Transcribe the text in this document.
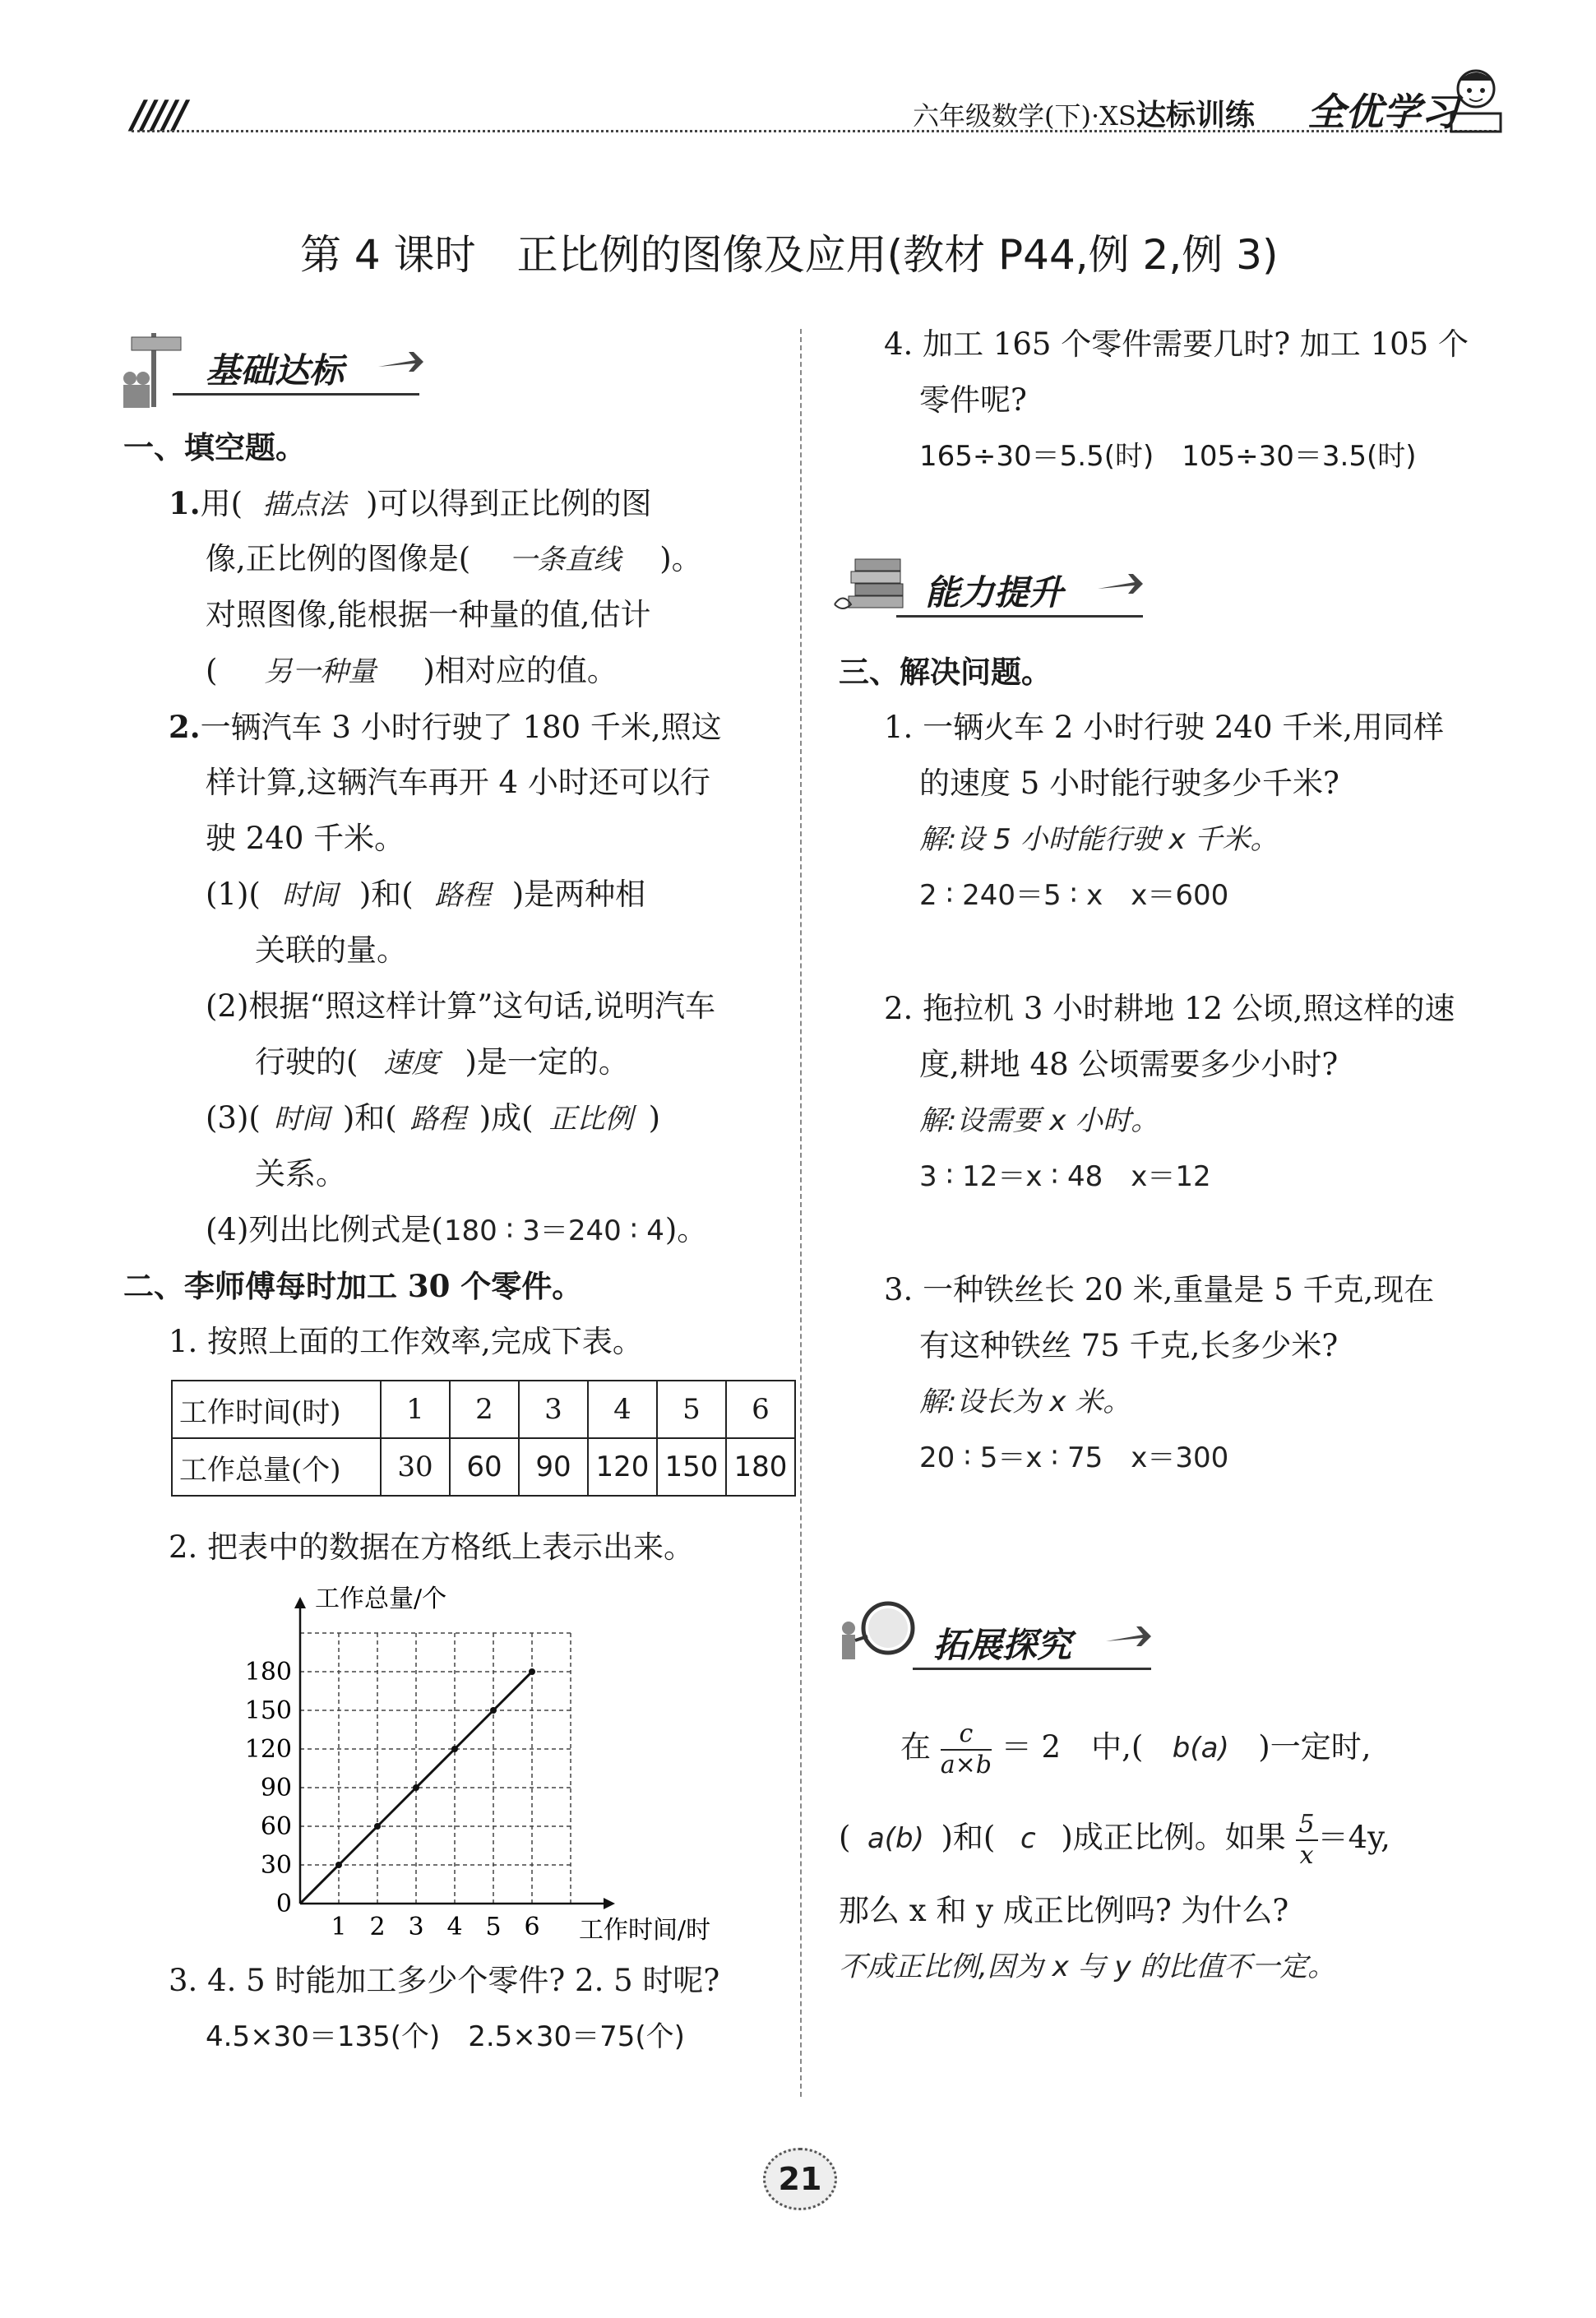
/////	六年级数学(下)·XS达标训练 全优学习
第 4 课时　正比例的图像及应用(教材 P44,例 2,例 3)
基础达标
一、填空题。
1.用( 描点法 )可以得到正比例的图
像,正比例的图像是( 一条直线 )。
对照图像,能根据一种量的值,估计
( 另一种量 )相对应的值。
2.一辆汽车 3 小时行驶了 180 千米,照这
样计算,这辆汽车再开 4 小时还可以行
驶 240 千米。
(1)( 时间 )和( 路程 )是两种相
关联的量。
(2)根据“照这样计算”这句话,说明汽车
行驶的( 速度 )是一定的。
(3)( 时间 )和( 路程 )成( 正比例 )
关系。
(4)列出比例式是(180 ∶ 3＝240 ∶ 4)。
二、李师傅每时加工 30 个零件。
1. 按照上面的工作效率,完成下表。
工作时间(时)	1	2	3	4	5	6
工作总量(个)	30	60	90	120	150	180
2. 把表中的数据在方格纸上表示出来。
工作总量/个
工作时间/时
1 2 3 4 5 6
0
30
60
90
120
150
180
3. 4. 5 时能加工多少个零件? 2. 5 时呢?
4.5×30＝135(个)　2.5×30＝75(个)
4. 加工 165 个零件需要几时? 加工 105 个
零件呢?
165÷30＝5.5(时)　105÷30＝3.5(时)
能力提升
三、解决问题。
1. 一辆火车 2 小时行驶 240 千米,用同样
的速度 5 小时能行驶多少千米?
解:设 5 小时能行驶 x 千米。
2 ∶ 240＝5 ∶ x　x＝600
2. 拖拉机 3 小时耕地 12 公顷,照这样的速
度,耕地 48 公顷需要多少小时?
解:设需要 x 小时。
3 ∶ 12＝x ∶ 48　x＝12
3. 一种铁丝长 20 米,重量是 5 千克,现在
有这种铁丝 75 千克,长多少米?
解:设长为 x 米。
20 ∶ 5＝x ∶ 75　x＝300
拓展探究
在 $\frac{c}{a\times b} = 2$　中,( b(a) )一定时,
( a(b) )和( c )成正比例。如果 $\frac{5}{x} =4y$,
那么 x 和 y 成正比例吗? 为什么?
不成正比例,因为 x 与 y 的比值不一定。
21
